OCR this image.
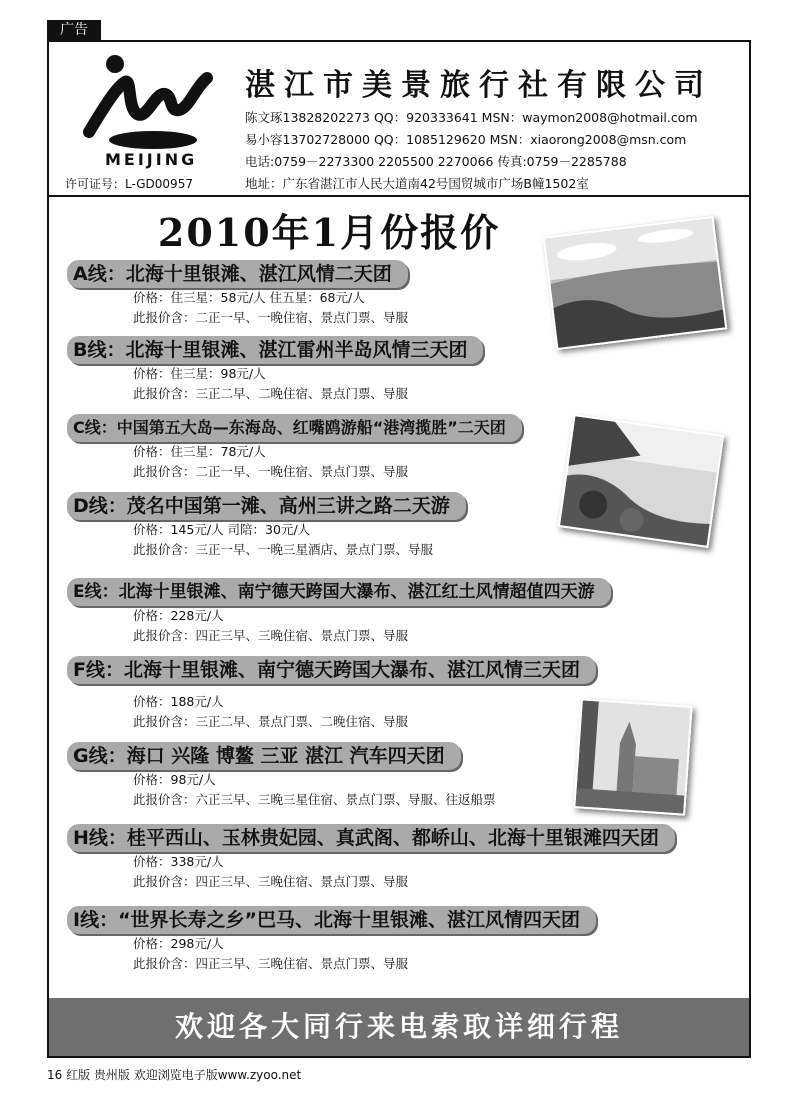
广告
MEIJING
许可证号：L-GD00957
湛江市美景旅行社有限公司
陈文琢13828202273 QQ：920333641 MSN：waymon2008@hotmail.com
易小容13702728000 QQ：1085129620 MSN：xiaorong2008@msn.com
电话:0759－2273300 2205500 2270066 传真:0759－2285788
地址：广东省湛江市人民大道南42号国贸城市广场B幢1502室
2010年1月份报价
A线：北海十里银滩、湛江风情二天团
价格：住三星：58元/人 住五星：68元/人
此报价含：二正一早、一晚住宿、景点门票、导服
B线：北海十里银滩、湛江雷州半岛风情三天团
价格：住三星：98元/人
此报价含：三正二早、二晚住宿、景点门票、导服
C线：中国第五大岛—东海岛、红嘴鸥游船“港湾揽胜”二天团
价格：住三星：78元/人
此报价含：二正一早、一晚住宿、景点门票、导服
D线：茂名中国第一滩、高州三讲之路二天游
价格：145元/人 司陪：30元/人
此报价含：三正一早、一晚三星酒店、景点门票、导服
E线：北海十里银滩、南宁德天跨国大瀑布、湛江红土风情超值四天游
价格：228元/人
此报价含：四正三早、三晚住宿、景点门票、导服
F线：北海十里银滩、南宁德天跨国大瀑布、湛江风情三天团
价格：188元/人
此报价含：三正二早、景点门票、二晚住宿、导服
G线：海口 兴隆 博鳌 三亚 湛江 汽车四天团
价格：98元/人
此报价含：六正三早、三晚三星住宿、景点门票、导服、往返船票
H线：桂平西山、玉林贵妃园、真武阁、都峤山、北海十里银滩四天团
价格：338元/人
此报价含：四正三早、三晚住宿、景点门票、导服
I线：“世界长寿之乡”巴马、北海十里银滩、湛江风情四天团
价格：298元/人
此报价含：四正三早、三晚住宿、景点门票、导服
欢迎各大同行来电索取详细行程
16 红版 贵州版 欢迎浏览电子版www.zyoo.net
